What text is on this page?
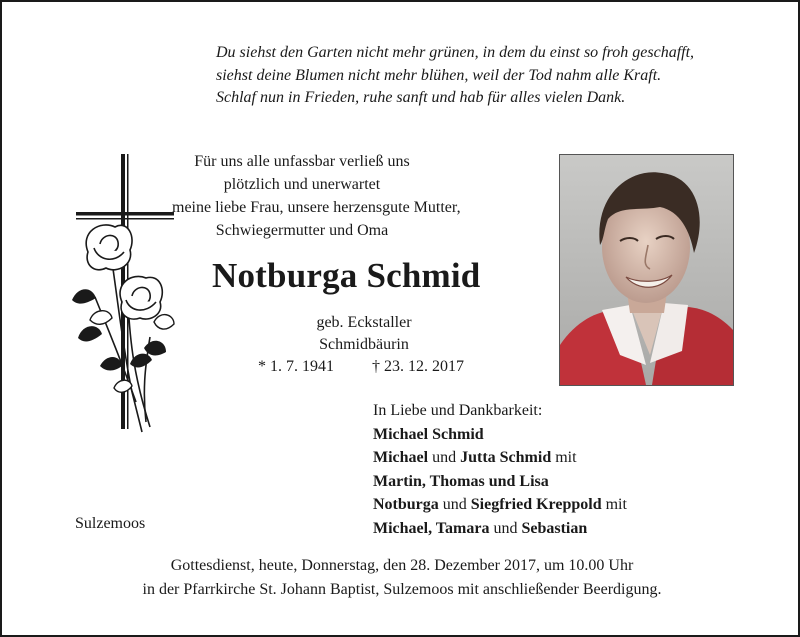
Du siehst den Garten nicht mehr grünen, in dem du einst so froh geschafft,
siehst deine Blumen nicht mehr blühen, weil der Tod nahm alle Kraft.
Schlaf nun in Frieden, ruhe sanft und hab für alles vielen Dank.
Für uns alle unfassbar verließ uns
plötzlich und unerwartet
meine liebe Frau, unsere herzensgute Mutter,
Schwiegermutter und Oma
Notburga Schmid
geb. Eckstaller
Schmidbäurin
* 1. 7. 1941 † 23. 12. 2017
In Liebe und Dankbarkeit:
Michael Schmid
Michael und Jutta Schmid mit
Martin, Thomas und Lisa
Notburga und Siegfried Kreppold mit
Michael, Tamara und Sebastian
Sulzemoos
Gottesdienst, heute, Donnerstag, den 28. Dezember 2017, um 10.00 Uhr
in der Pfarrkirche St. Johann Baptist, Sulzemoos mit anschließender Beerdigung.
